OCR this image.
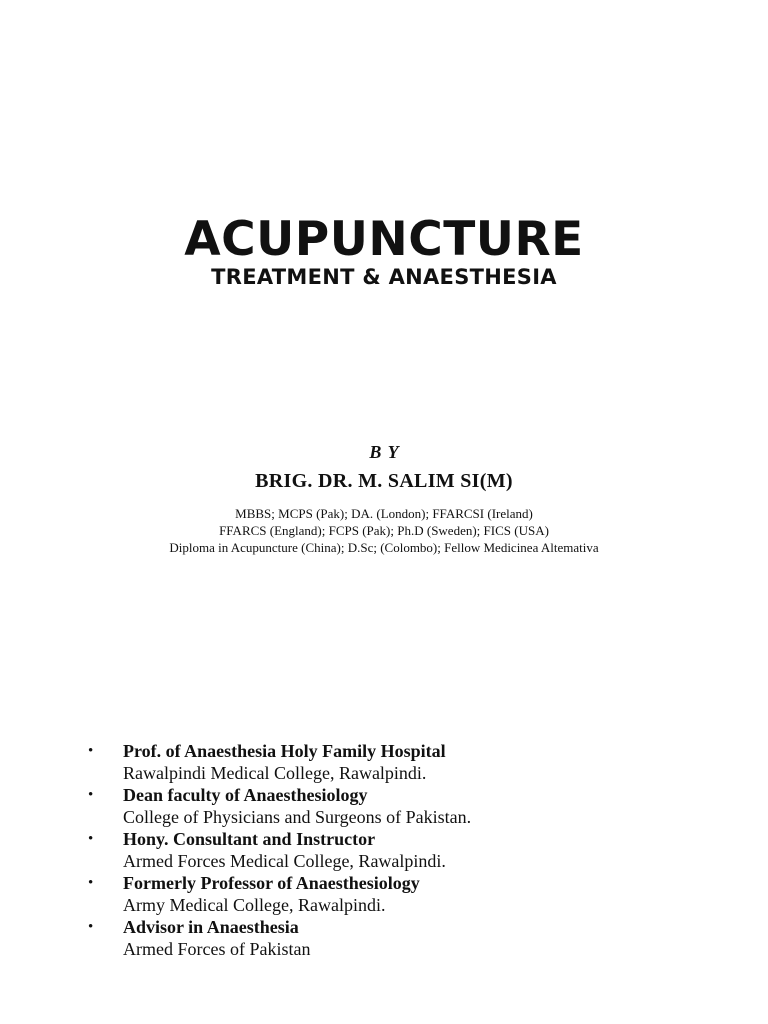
ACUPUNCTURE
TREATMENT & ANAESTHESIA
B Y
BRIG. DR. M. SALIM SI(M)
MBBS; MCPS (Pak); DA. (London); FFARCSI (Ireland)
FFARCS (England); FCPS (Pak); Ph.D (Sweden); FICS (USA)
Diploma in Acupuncture (China); D.Sc; (Colombo); Fellow Medicinea Altemativa
• Prof. of Anaesthesia Holy Family Hospital
Rawalpindi Medical College, Rawalpindi.
• Dean faculty of Anaesthesiology
College of Physicians and Surgeons of Pakistan.
• Hony. Consultant and Instructor
Armed Forces Medical College, Rawalpindi.
• Formerly Professor of Anaesthesiology
Army Medical College, Rawalpindi.
• Advisor in Anaesthesia
Armed Forces of Pakistan
